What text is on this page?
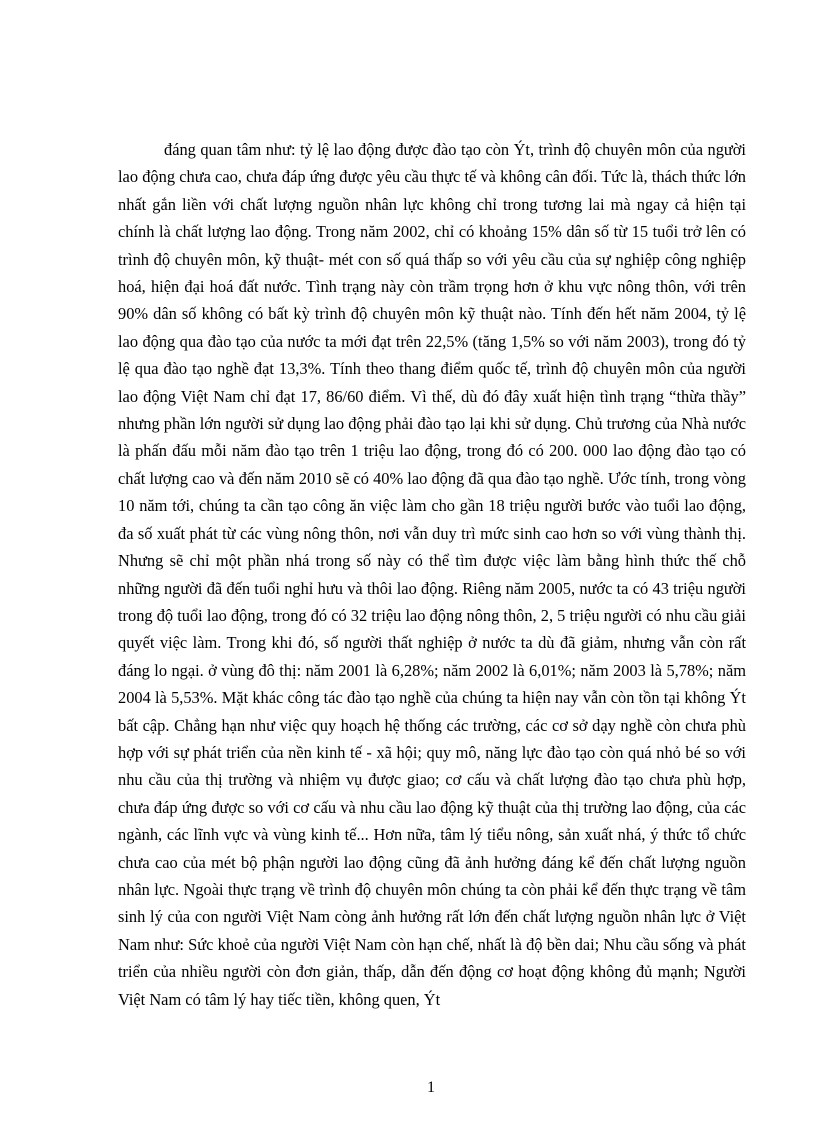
đáng quan tâm như: tỷ lệ lao động được đào tạo còn Ýt, trình độ chuyên môn của người lao động chưa cao, chưa đáp ứng được yêu cầu thực tế và không cân đối. Tức là, thách thức lớn nhất gắn liền với chất lượng nguồn nhân lực không chỉ trong tương lai mà ngay cả hiện tại chính là chất lượng lao động. Trong năm 2002, chỉ có khoảng 15% dân số từ 15 tuổi trở lên có trình độ chuyên môn, kỹ thuật- mét con số quá thấp so với yêu cầu của sự nghiệp công nghiệp hoá, hiện đại hoá đất nước. Tình trạng này còn trầm trọng hơn ở khu vực nông thôn, với trên 90% dân số không có bất kỳ trình độ chuyên môn kỹ thuật nào. Tính đến hết năm 2004, tỷ lệ lao động qua đào tạo của nước ta mới đạt trên 22,5% (tăng 1,5% so với năm 2003), trong đó tỷ lệ qua đào tạo nghề đạt 13,3%. Tính theo thang điểm quốc tế, trình độ chuyên môn của người lao động Việt Nam chỉ đạt 17, 86/60 điểm. Vì thế, dù đó đây xuất hiện tình trạng “thừa thầy” nhưng phần lớn người sử dụng lao động phải đào tạo lại khi sử dụng. Chủ trương của Nhà nước là phấn đấu mỗi năm đào tạo trên 1 triệu lao động, trong đó có 200. 000 lao động đào tạo có chất lượng cao và đến năm 2010 sẽ có 40% lao động đã qua đào tạo nghề. Ước tính, trong vòng 10 năm tới, chúng ta cần tạo công ăn việc làm cho gần 18 triệu người bước vào tuổi lao động, đa số xuất phát từ các vùng nông thôn, nơi vẫn duy trì mức sinh cao hơn so với vùng thành thị. Nhưng sẽ chỉ một phần nhá trong số này có thể tìm được việc làm bằng hình thức thế chỗ những người đã đến tuổi nghỉ hưu và thôi lao động. Riêng năm 2005, nước ta có 43 triệu người trong độ tuổi lao động, trong đó có 32 triệu lao động nông thôn, 2, 5 triệu người có nhu cầu giải quyết việc làm. Trong khi đó, số người thất nghiệp ở nước ta dù đã giảm, nhưng vẫn còn rất đáng lo ngại. ở vùng đô thị: năm 2001 là 6,28%; năm 2002 là 6,01%; năm 2003 là 5,78%; năm 2004 là 5,53%. Mặt khác công tác đào tạo nghề của chúng ta hiện nay vẫn còn tồn tại không Ýt bất cập. Chẳng hạn như việc quy hoạch hệ thống các trường, các cơ sở dạy nghề còn chưa phù hợp với sự phát triển của nền kinh tế - xã hội; quy mô, năng lực đào tạo còn quá nhỏ bé so với nhu cầu của thị trường và nhiệm vụ được giao; cơ cấu và chất lượng đào tạo chưa phù hợp, chưa đáp ứng được so với cơ cấu và nhu cầu lao động kỹ thuật của thị trường lao động, của các ngành, các lĩnh vực và vùng kinh tế... Hơn nữa, tâm lý tiểu nông, sản xuất nhá, ý thức tổ chức chưa cao của mét bộ phận người lao động cũng đã ảnh hưởng đáng kể đến chất lượng nguồn nhân lực. Ngoài thực trạng về trình độ chuyên môn chúng ta còn phải kể đến thực trạng về tâm sinh lý của con người Việt Nam còng ảnh hưởng rất lớn đến chất lượng nguồn nhân lực ở Việt Nam như: Sức khoẻ của người Việt Nam còn hạn chế, nhất là độ bền dai; Nhu cầu sống và phát triển của nhiều người còn đơn giản, thấp, dẫn đến động cơ hoạt động không đủ mạnh; Người Việt Nam có tâm lý hay tiếc tiền, không quen, Ýt

1
